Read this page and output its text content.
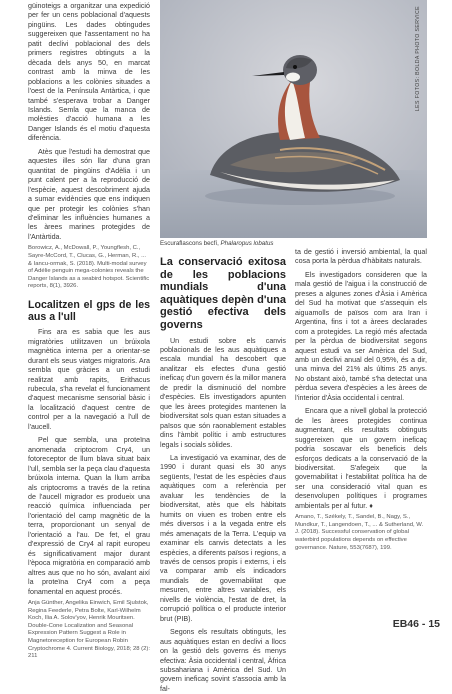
güinoteigs a organitzar una expedició per fer un cens poblacional d'aquests pingüins. Les dades obtingudes suggereixen que l'assentament no ha patit declivi poblacional des dels primers registres obtinguts a la dècada dels anys 50, en marcat contrast amb la minva de les poblacions a les colònies situades a l'oest de la Península Antàrtica, i que també s'esperava trobar a Danger Islands. Semla que la manca de molèsties d'acció humana a les Danger Islands és el motiu d'aquesta diferència.

Atès que l'estudi ha demostrat que aquestes illes són llar d'una gran quantitat de pingüins d'Adèlia i un punt calent per a la reproducció de l'espècie, aquest descobriment ajuda a sumar evidències que ens indiquen que per protegir les colònies s'han d'eliminar les influències humanes a les àrees marines protegides de l'Antàrtida.

Borowicz, A., McDowall, P., Youngflesh, C., Sayre-McCord, T., Clucas, G., Herman, R., ... & Iancu-ormak, S. (2018). Multi-modal survey of Adélie penguin mega-colonies reveals the Danger Islands as a seabird hotspot. Scientific reports, 8(1), 3926.
Localitzen el gps de les aus a l'ull

Fins ara es sabia que les aus migratòries utilitzaven un brúixola magnètica interna per a orientar-se durant els seus viatges migratoris. Ara sembla que gràcies a un estudi realitzat amb rapits, Erithacus rubecula, s'ha revelat el funcionament d'aquest mecanisme sensorial bàsic i la localització d'aquest centre de control per a la navegació a l'ull de l'aucell.

Pel que sembla, una proteïna anomenada criptocrom Cry4, un fotoreceptor de llum blava situat baix l'ull, sembla ser la peça clau d'aquesta brúixola interna. Quan la llum arriba als criptocroms a través de la retina de l'aucell migrador es produeix una reacció química influenciada per l'orientació del camp magnètic de la terra, proporcionant un senyal de l'orientació a l'au. De fet, el grau d'expressió de Cry4 al rapit europeu és significativament major durant l'època migratòria en comparació amb altres aus que no ho són, avalant així la proteïna Cry4 com a peça fonamental en aquest procés.

Anja Günther, Angelika Einwich, Emil Sjulstok, Regina Feederle, Petra Bolte, Karl-Wilhelm Koch, Ilia A. Solov'yov, Henrik Mouritsen. Double-Cone Localization and Seasonal Expression Pattern Suggest a Role in Magnetoreception for European Robin Cryptochrome 4. Current Biology, 2018; 28 (2): 211
LES FOTOS: BOLDA PHOTO SERVICE
Escuraflascons becfí, Phalaropus lobatus
La conservació exitosa de les poblacions mundials d'una aquàtiques depèn d'una gestió efectiva dels governs

Un estudi sobre els canvis poblacionals de les aus aquàtiques a escala mundial ha descobert que analitzar els efectes d'una gestió ineficaç d'un govern és la millor manera de predir la disminució del nombre d'espècies. Els investigadors apunten que les àrees protegides mantenen la biodiversitat sols quan estan situades a països que són raonablement estables dins l'àmbit polític i amb estructures legals i socials sòlides.

La investigació va examinar, des de 1990 i durant quasi els 30 anys següents, l'estat de les espècies d'aus aquàtiques com a referència per avaluar les tendències de la biodiversitat, atès que els hàbitats humits on viuen es troben entre els més diversos i a la vegada entre els més amenaçats de la Terra. L'equip va examinar els canvis detectats a les espècies, a diferents països i regions, a través de censos propis i externs, i els va comparar amb els indicadors mundials de governabilitat que mesuren, entre altres variables, els nivells de violència, l'estat de dret, la corrupció política o el producte interior brut (PIB).

Segons els resultats obtinguts, les aus aquàtiques estan en declivi a llocs on la gestió dels governs és menys efectiva: Àsia occidental i central, Àfrica subsahariana i Amèrica del Sud. Un govern ineficaç sovint s'associa amb la fal-

ta de gestió i inversió ambiental, la qual cosa porta la pèrdua d'hàbitats naturals.

Els investigadors consideren que la mala gestió de l'aigua i la construcció de preses a algunes zones d'Àsia i Amèrica del Sud ha motivat que s'assequin els aiguamolls de països com ara Iran i Argentina, fins i tot a àrees declarades com a protegides. La regió més afectada per la pèrdua de biodiversitat segons aquest estudi va ser Amèrica del Sud, amb un declivi anual del 0,95%, és a dir, una minva del 21% als últims 25 anys. No obstant això, també s'ha detectat una pèrdua severa d'espècies a les àrees de l'interior d'Àsia occidental i central.

Encara que a nivell global la protecció de les àrees protegides continua augmentant, els resultats obtinguts suggereixen que un govern ineficaç podria soscavar els beneficis dels esforços dedicats a la conservació de la biodiversitat. S'afegeix que la governabilitat i l'estabilitat política ha de ser una consideració vital quan es desenvolupen polítiques i programes ambientals per al futur. ♦

Amano, T., Székely, T., Sandel, B., Nagy, S., Mundkur, T., Langendoen, T., ... & Sutherland, W. J. (2018). Successful conservation of global waterbird populations depends on effective governance. Nature, 553(7687), 199.
EB46 - 15
